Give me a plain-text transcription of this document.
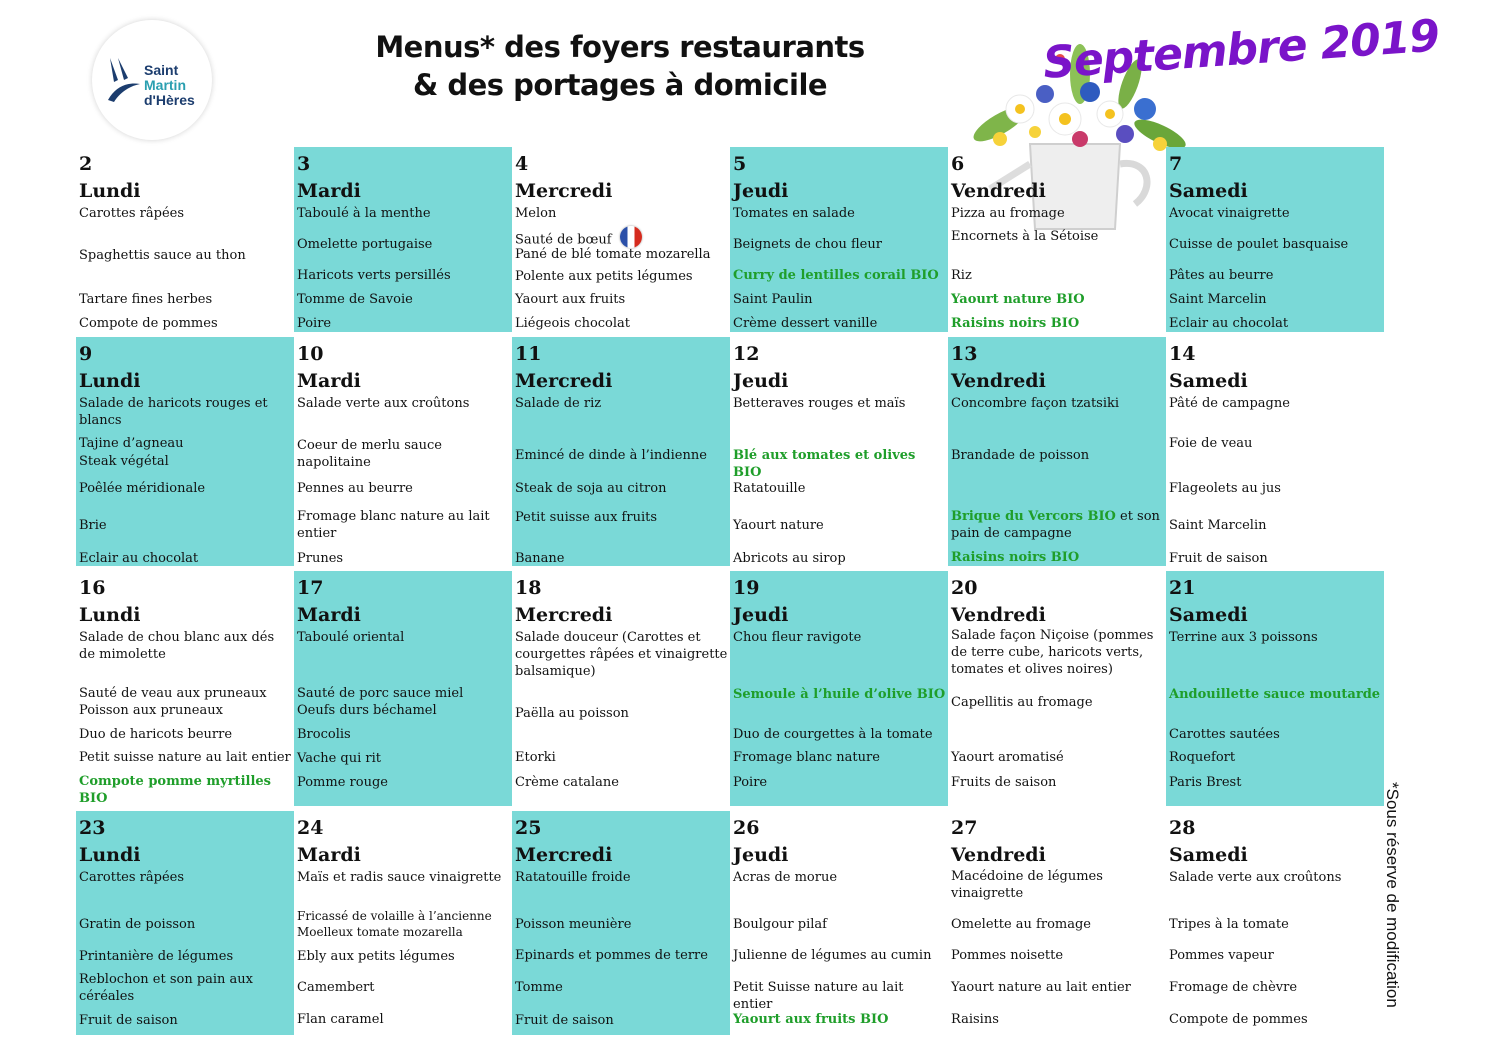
Saint
Martin
d'Hères
Menus* des foyers restaurants
& des portages à domicile	Septembre 2019
2
Lundi
Carottes râpées
Spaghettis sauce au thon
Tartare fines herbes
Compote de pommes
3
Mardi
Taboulé à la menthe
Omelette portugaise
Haricots verts persillés
Tomme de Savoie
Poire
4
Mercredi
Melon
Sauté de bœuf
Pané de blé tomate mozarella
Polente aux petits légumes
Yaourt aux fruits
Liégeois chocolat
5
Jeudi
Tomates en salade
Beignets de chou fleur
Curry de lentilles corail BIO
Saint Paulin
Crème dessert vanille
6
Vendredi
Pizza au fromage
Encornets à la Sétoise
Riz
Yaourt nature BIO
Raisins noirs BIO
7
Samedi
Avocat vinaigrette
Cuisse de poulet basquaise
Pâtes au beurre
Saint Marcelin
Eclair au chocolat
9
Lundi
Salade de haricots rouges et blancs
Tajine d’agneau
Steak végétal
Poêlée méridionale
Brie
Eclair au chocolat
10
Mardi
Salade verte aux croûtons
Coeur de merlu sauce napolitaine
Pennes au beurre
Fromage blanc nature au lait entier
Prunes
11
Mercredi
Salade de riz
Emincé de dinde à l’indienne
Steak de soja au citron
Petit suisse aux fruits
Banane
12
Jeudi
Betteraves rouges et maïs
Blé aux tomates et olives BIO
Ratatouille
Yaourt nature
Abricots au sirop
13
Vendredi
Concombre façon tzatsiki
Brandade de poisson
Brique du Vercors BIO et son pain de campagne
Raisins noirs BIO
14
Samedi
Pâté de campagne
Foie de veau
Flageolets au jus
Saint Marcelin
Fruit de saison
16
Lundi
Salade de chou blanc aux dés de mimolette
Sauté de veau aux pruneaux
Poisson aux pruneaux
Duo de haricots beurre
Petit suisse nature au lait entier
Compote pomme myrtilles BIO
17
Mardi
Taboulé oriental
Sauté de porc sauce miel
Oeufs durs béchamel
Brocolis
Vache qui rit
Pomme rouge
18
Mercredi
Salade douceur (Carottes et courgettes râpées et vinaigrette balsamique)
Paëlla au poisson
Etorki
Crème catalane
19
Jeudi
Chou fleur ravigote
Semoule à l’huile d’olive BIO
Duo de courgettes à la tomate
Fromage blanc nature
Poire
20
Vendredi
Salade façon Niçoise (pommes de terre cube, haricots verts, tomates et olives noires)
Capellitis au fromage
Yaourt aromatisé
Fruits de saison
21
Samedi
Terrine aux 3 poissons
Andouillette sauce moutarde
Carottes sautées
Roquefort
Paris Brest
23
Lundi
Carottes râpées
Gratin de poisson
Printanière de légumes
Reblochon et son pain aux céréales
Fruit de saison
24
Mardi
Maïs et radis sauce vinaigrette
Fricassé de volaille à l’ancienne
Moelleux tomate mozarella
Ebly aux petits légumes
Camembert
Flan caramel
25
Mercredi
Ratatouille froide
Poisson meunière
Epinards et pommes de terre
Tomme
Fruit de saison
26
Jeudi
Acras de morue
Boulgour pilaf
Julienne de légumes au cumin
Petit Suisse nature au lait entier
Yaourt aux fruits BIO
27
Vendredi
Macédoine de légumes vinaigrette
Omelette au fromage
Pommes noisette
Yaourt nature au lait entier
Raisins
28
Samedi
Salade verte aux croûtons
Tripes à la tomate
Pommes vapeur
Fromage de chèvre
Compote de pommes
*Sous réserve de modification
